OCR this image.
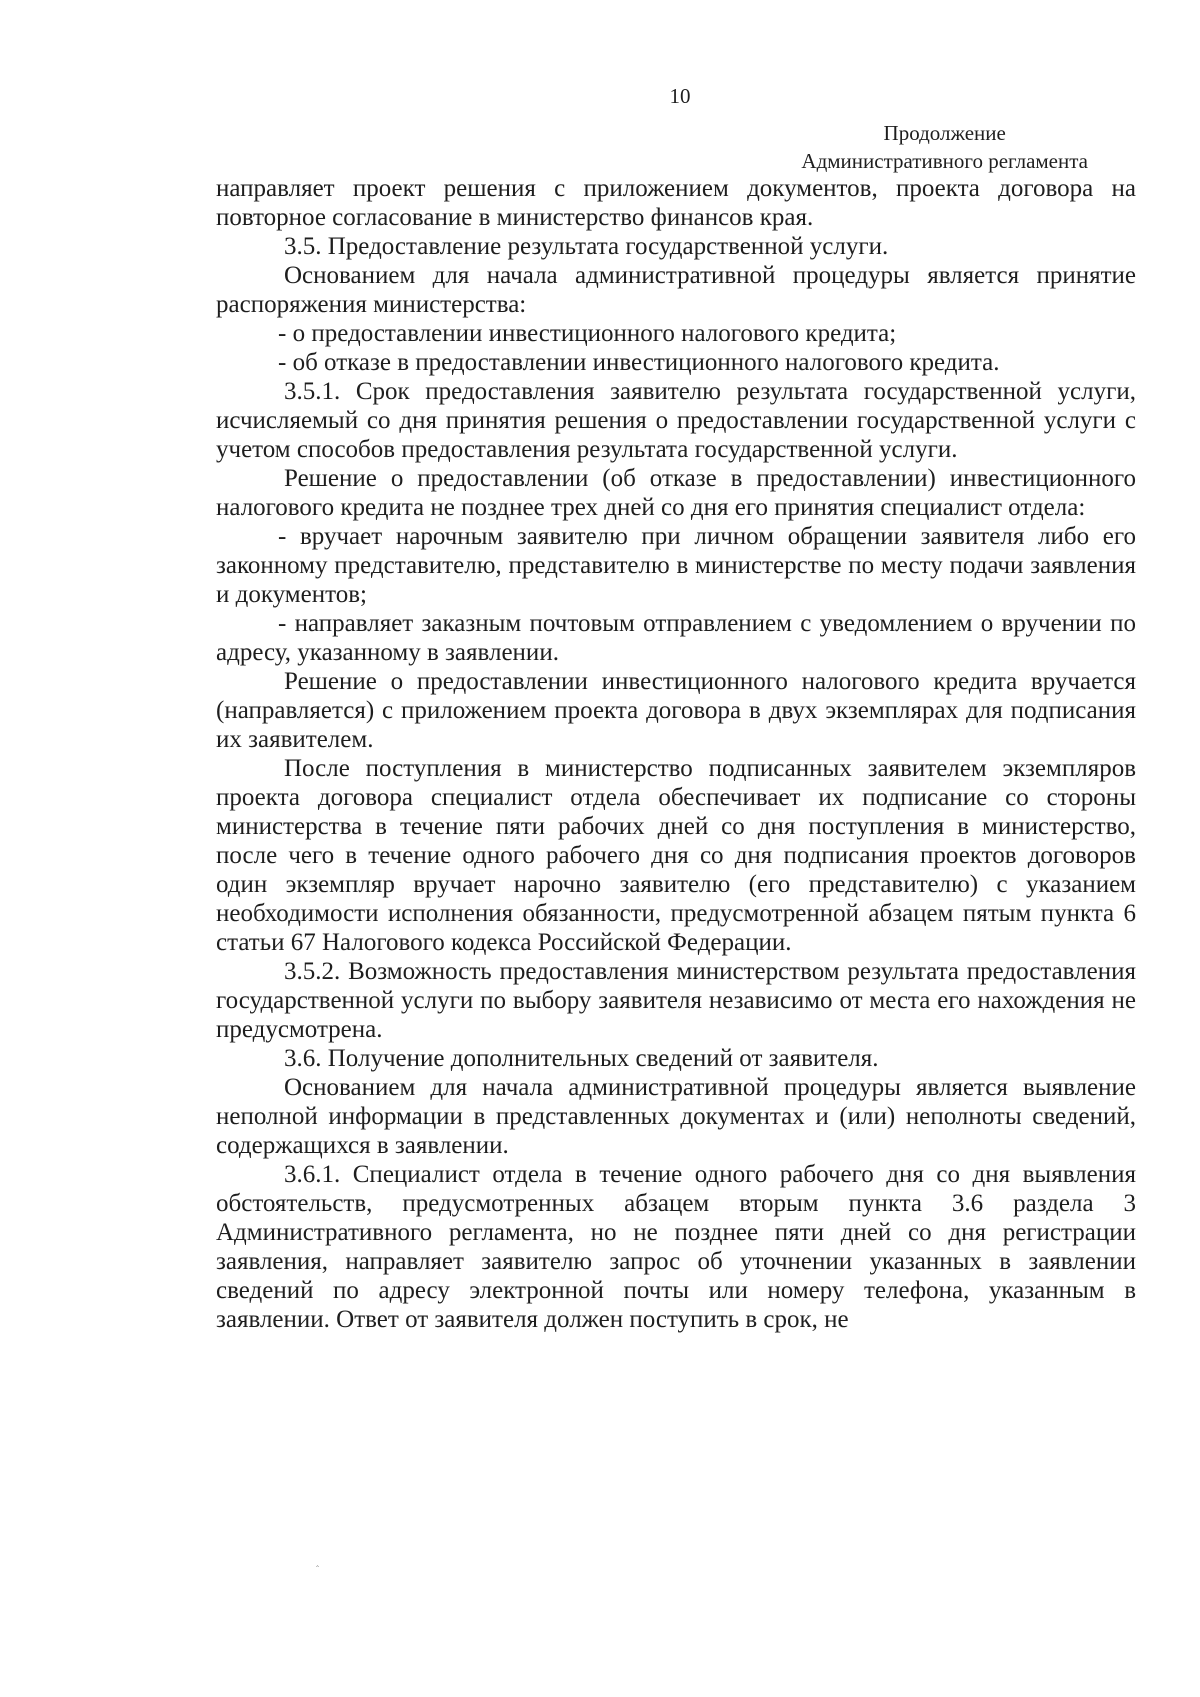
10
Продолжение
Административного регламента

направляет проект решения с приложением документов, проекта договора на повторное согласование в министерство финансов края.

3.5. Предоставление результата государственной услуги.

Основанием для начала административной процедуры является принятие распоряжения министерства:

- о предоставлении инвестиционного налогового кредита;

- об отказе в предоставлении инвестиционного налогового кредита.

3.5.1. Срок предоставления заявителю результата государственной услуги, исчисляемый со дня принятия решения о предоставлении государственной услуги с учетом способов предоставления результата государственной услуги.

Решение о предоставлении (об отказе в предоставлении) инвестиционного налогового кредита не позднее трех дней со дня его принятия специалист отдела:

- вручает нарочным заявителю при личном обращении заявителя либо его законному представителю, представителю в министерстве по месту подачи заявления и документов;

- направляет заказным почтовым отправлением с уведомлением о вручении по адресу, указанному в заявлении.

Решение о предоставлении инвестиционного налогового кредита вручается (направляется) с приложением проекта договора в двух экземплярах для подписания их заявителем.

После поступления в министерство подписанных заявителем экземпляров проекта договора специалист отдела обеспечивает их подписание со стороны министерства в течение пяти рабочих дней со дня поступления в министерство, после чего в течение одного рабочего дня со дня подписания проектов договоров один экземпляр вручает нарочно заявителю (его представителю) с указанием необходимости исполнения обязанности, предусмотренной абзацем пятым пункта 6 статьи 67 Налогового кодекса Российской Федерации.

3.5.2. Возможность предоставления министерством результата предоставления государственной услуги по выбору заявителя независимо от места его нахождения не предусмотрена.

3.6. Получение дополнительных сведений от заявителя.

Основанием для начала административной процедуры является выявление неполной информации в представленных документах и (или) неполноты сведений, содержащихся в заявлении.

3.6.1. Специалист отдела в течение одного рабочего дня со дня выявления обстоятельств, предусмотренных абзацем вторым пункта 3.6 раздела 3 Административного регламента, но не позднее пяти дней со дня регистрации заявления, направляет заявителю запрос об уточнении указанных в заявлении сведений по адресу электронной почты или номеру телефона, указанным в заявлении. Ответ от заявителя должен поступить в срок, не

‸
